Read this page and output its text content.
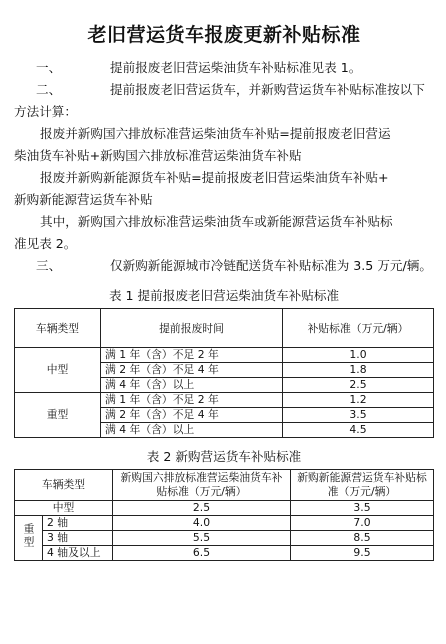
老旧营运货车报废更新补贴标准

一、	提前报废老旧营运柴油货车补贴标准见表 1。

二、	提前报废老旧营运货车，并新购营运货车补贴标准按以下
方法计算：

报废并新购国六排放标准营运柴油货车补贴=提前报废老旧营运
柴油货车补贴+新购国六排放标准营运柴油货车补贴

报废并新购新能源货车补贴=提前报废老旧营运柴油货车补贴+
新购新能源营运货车补贴

其中，新购国六排放标准营运柴油货车或新能源营运货车补贴标
准见表 2。

三、	仅新购新能源城市冷链配送货车补贴标准为 3.5 万元/辆。

表 1 提前报废老旧营运柴油货车补贴标准
车辆类型	提前报废时间	补贴标准（万元/辆）
中型	满 1 年（含）不足 2 年	1.0
	满 2 年（含）不足 4 年	1.8
	满 4 年（含）以上	2.5
重型	满 1 年（含）不足 2 年	1.2
	满 2 年（含）不足 4 年	3.5
	满 4 年（含）以上	4.5
表 2 新购营运货车补贴标准
车辆类型		新购国六排放标准营运柴油货车补贴标准（万元/辆）	新购新能源营运货车补贴标准（万元/辆）
中型		2.5	3.5
重型	2 轴	4.0	7.0
	3 轴	5.5	8.5
	4 轴及以上	6.5	9.5
